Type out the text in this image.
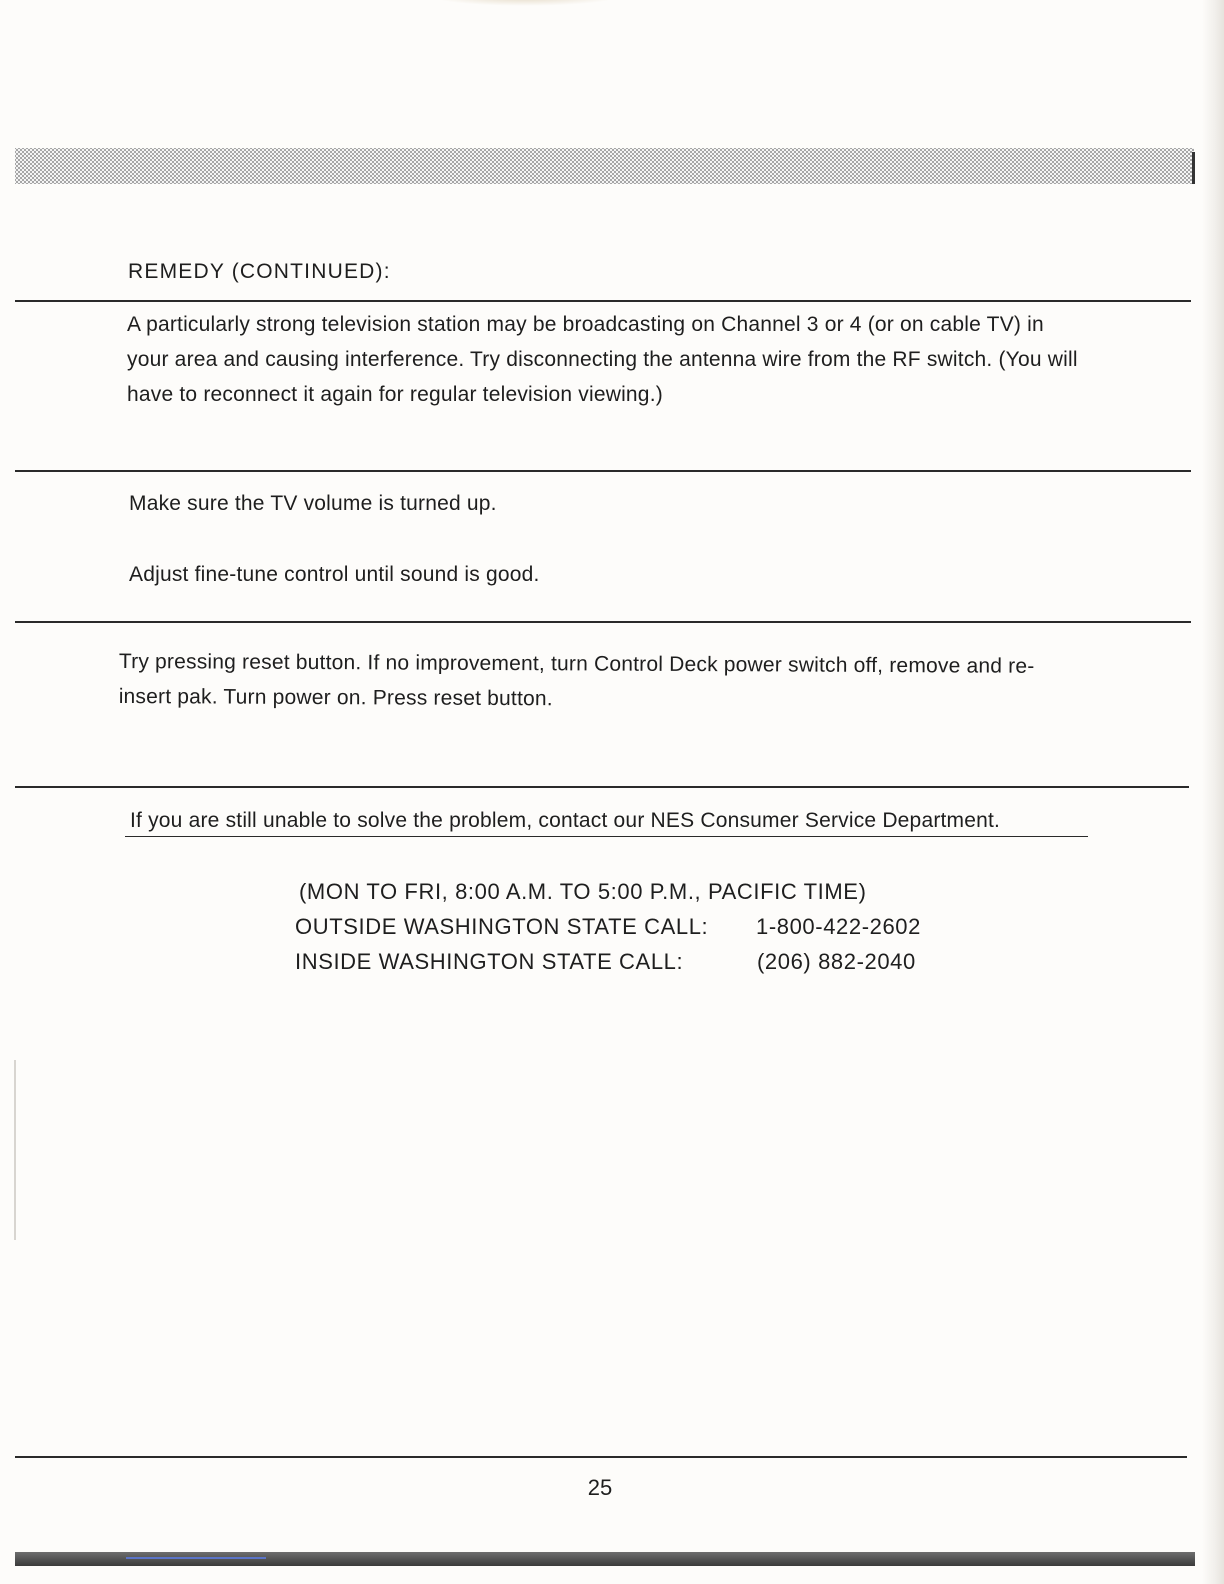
REMEDY (CONTINUED):
A particularly strong television station may be broadcasting on Channel 3 or 4 (or on cable TV) in your area and causing interference. Try disconnecting the antenna wire from the RF switch. (You will have to reconnect it again for regular television viewing.)
Make sure the TV volume is turned up.
Adjust fine-tune control until sound is good.
Try pressing reset button. If no improvement, turn Control Deck power switch off, remove and re-insert pak. Turn power on. Press reset button.
If you are still unable to solve the problem, contact our NES Consumer Service Department.
(MON TO FRI, 8:00 A.M. TO 5:00 P.M., PACIFIC TIME)
OUTSIDE WASHINGTON STATE CALL: 1-800-422-2602
INSIDE WASHINGTON STATE CALL:	(206) 882-2040
25
